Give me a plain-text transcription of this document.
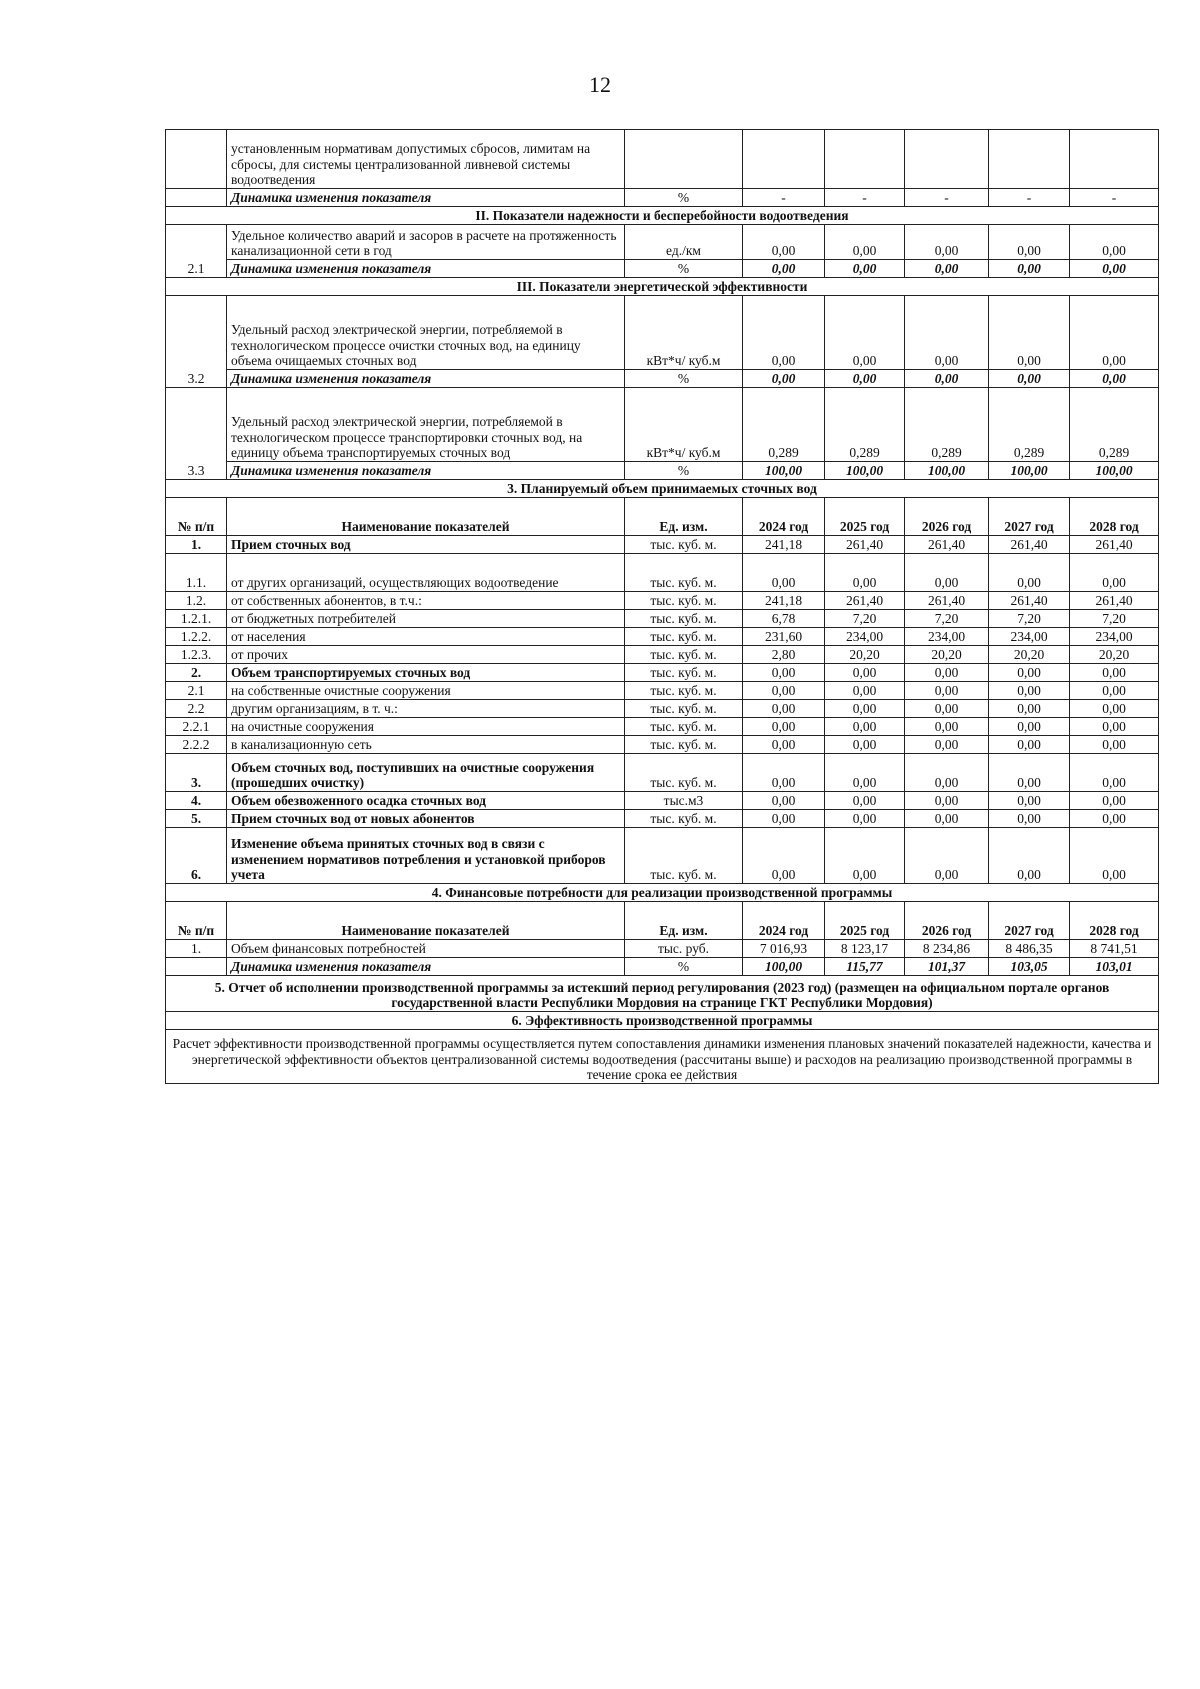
12
	установленным нормативам допустимых сбросов, лимитам на сбросы, для системы централизованной ливневой системы водоотведения						
	Динамика изменения показателя	%	-	-	-	-	-
II. Показатели надежности и бесперебойности водоотведения							
2.1	Удельное количество аварий и засоров в расчете на протяженность канализационной сети в год	ед./км	0,00	0,00	0,00	0,00	0,00
	Динамика изменения показателя	%	0,00	0,00	0,00	0,00	0,00
III. Показатели энергетической эффективности							
3.2	Удельный расход электрической энергии, потребляемой в технологическом процессе очистки сточных вод, на единицу объема очищаемых сточных вод	кВт*ч/ куб.м	0,00	0,00	0,00	0,00	0,00
	Динамика изменения показателя	%	0,00	0,00	0,00	0,00	0,00
3.3	Удельный расход электрической энергии, потребляемой в технологическом процессе транспортировки сточных вод, на единицу объема транспортируемых сточных вод	кВт*ч/ куб.м	0,289	0,289	0,289	0,289	0,289
	Динамика изменения показателя	%	100,00	100,00	100,00	100,00	100,00
3. Планируемый объем принимаемых сточных вод							
№ п/п	Наименование показателей	Ед. изм.	2024 год	2025 год	2026 год	2027 год	2028 год
1.	Прием сточных вод	тыс. куб. м.	241,18	261,40	261,40	261,40	261,40
1.1.	от других организаций, осуществляющих водоотведение	тыс. куб. м.	0,00	0,00	0,00	0,00	0,00
1.2.	от собственных абонентов, в т.ч.:	тыс. куб. м.	241,18	261,40	261,40	261,40	261,40
1.2.1.	от бюджетных потребителей	тыс. куб. м.	6,78	7,20	7,20	7,20	7,20
1.2.2.	от населения	тыс. куб. м.	231,60	234,00	234,00	234,00	234,00
1.2.3.	от прочих	тыс. куб. м.	2,80	20,20	20,20	20,20	20,20
2.	Объем транспортируемых сточных вод	тыс. куб. м.	0,00	0,00	0,00	0,00	0,00
2.1	на собственные очистные сооружения	тыс. куб. м.	0,00	0,00	0,00	0,00	0,00
2.2	другим организациям, в т. ч.:	тыс. куб. м.	0,00	0,00	0,00	0,00	0,00
2.2.1	на очистные сооружения	тыс. куб. м.	0,00	0,00	0,00	0,00	0,00
2.2.2	в канализационную сеть	тыс. куб. м.	0,00	0,00	0,00	0,00	0,00
3.	Объем сточных вод, поступивших на очистные сооружения (прошедших очистку)	тыс. куб. м.	0,00	0,00	0,00	0,00	0,00
4.	Объем обезвоженного осадка сточных вод	тыс.м3	0,00	0,00	0,00	0,00	0,00
5.	Прием сточных вод от новых абонентов	тыс. куб. м.	0,00	0,00	0,00	0,00	0,00
6.	Изменение объема принятых сточных вод в связи с изменением нормативов потребления и установкой приборов учета	тыс. куб. м.	0,00	0,00	0,00	0,00	0,00
4. Финансовые потребности для реализации производственной программы							
№ п/п	Наименование показателей	Ед. изм.	2024 год	2025 год	2026 год	2027 год	2028 год
1.	Объем финансовых потребностей	тыс. руб.	7 016,93	8 123,17	8 234,86	8 486,35	8 741,51
	Динамика изменения показателя	%	100,00	115,77	101,37	103,05	103,01
5. Отчет об исполнении производственной программы за истекший период регулирования (2023 год) (размещен на официальном портале органов государственной власти Республики Мордовия на странице ГКТ Республики Мордовия)							
6. Эффективность производственной программы							
Расчет эффективности производственной программы осуществляется путем сопоставления динамики изменения плановых значений показателей надежности, качества и энергетической эффективности объектов централизованной системы водоотведения (рассчитаны выше) и расходов на реализацию производственной программы в течение срока ее действия							
